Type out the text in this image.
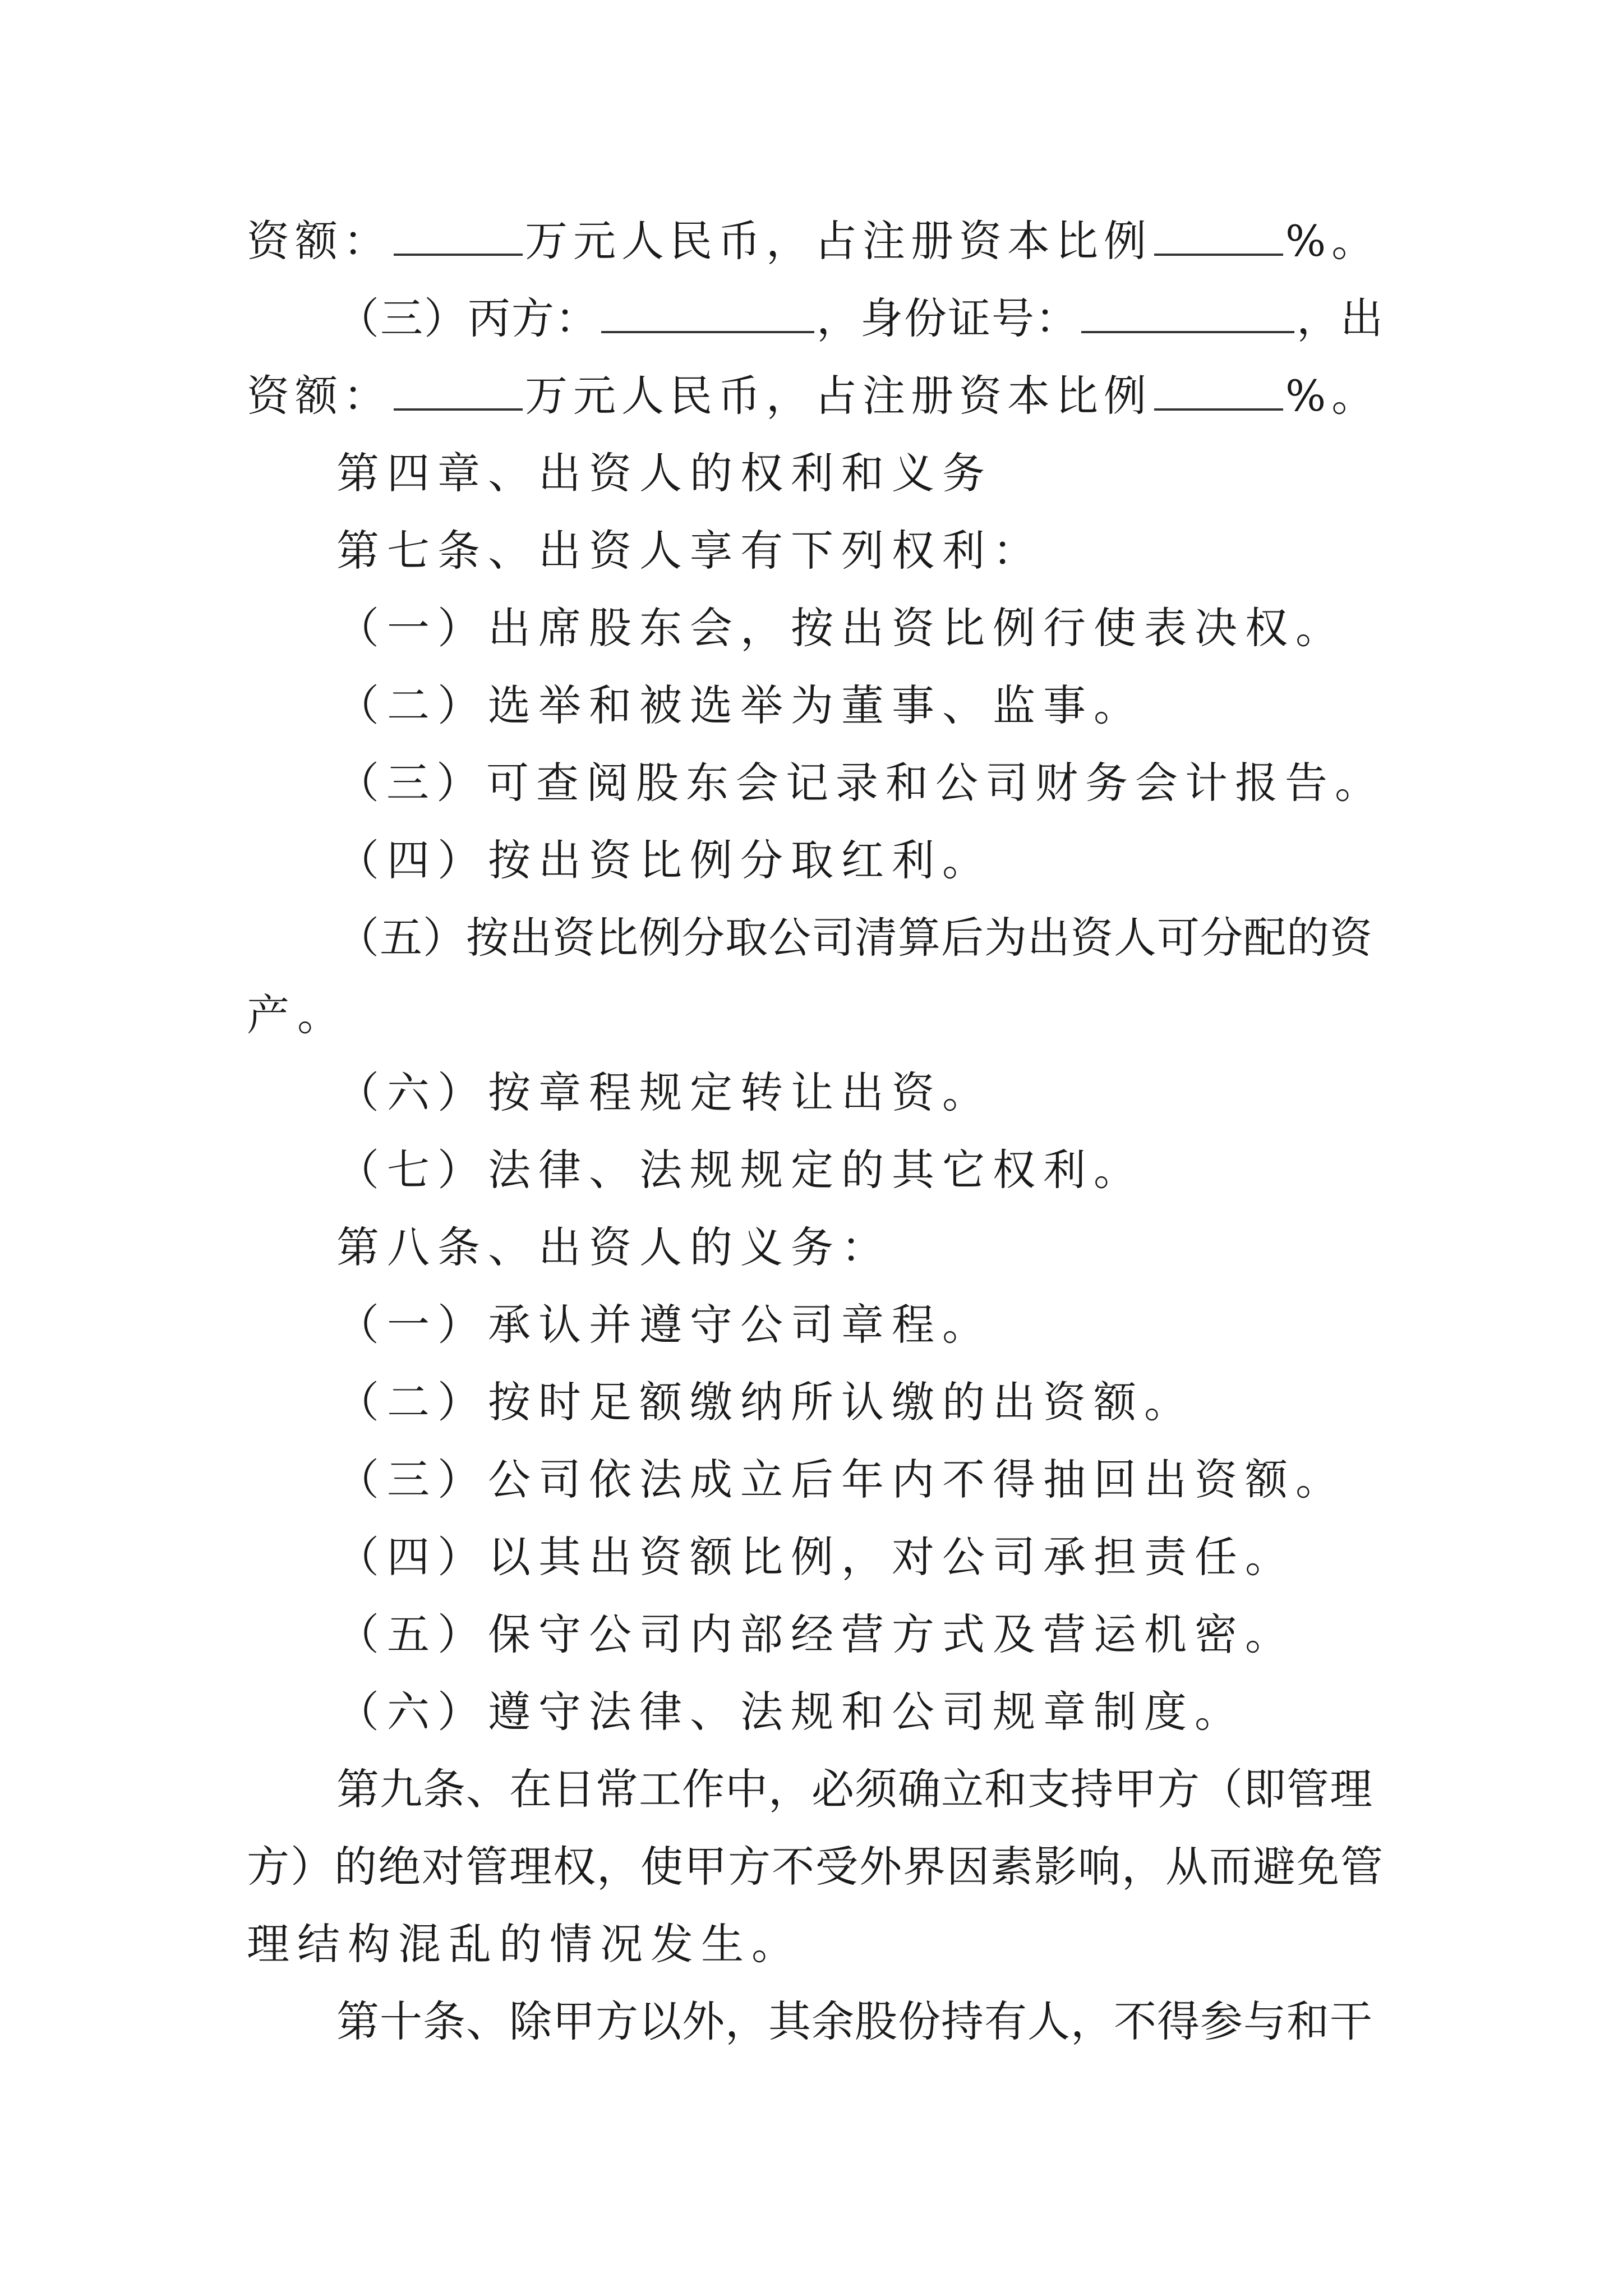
资额：	万元人民币，占注册资本比例	%。
（三）丙方：	，身份证号：	，出
资额：	万元人民币，占注册资本比例	%。
第四章、出资人的权利和义务
第七条、出资人享有下列权利：
（一）出席股东会，按出资比例行使表决权。
（二）选举和被选举为董事、监事。
（三）可查阅股东会记录和公司财务会计报告。
（四）按出资比例分取红利。
（五）按出资比例分取公司清算后为出资人可分配的资
产。
（六）按章程规定转让出资。
（七）法律、法规规定的其它权利。
第八条、出资人的义务：
（一）承认并遵守公司章程。
（二）按时足额缴纳所认缴的出资额。
（三）公司依法成立后年内不得抽回出资额。
（四）以其出资额比例，对公司承担责任。
（五）保守公司内部经营方式及营运机密。
（六）遵守法律、法规和公司规章制度。
第九条、在日常工作中，必须确立和支持甲方（即管理
方）的绝对管理权，使甲方不受外界因素影响，从而避免管
理结构混乱的情况发生。
第十条、除甲方以外，其余股份持有人，不得参与和干
